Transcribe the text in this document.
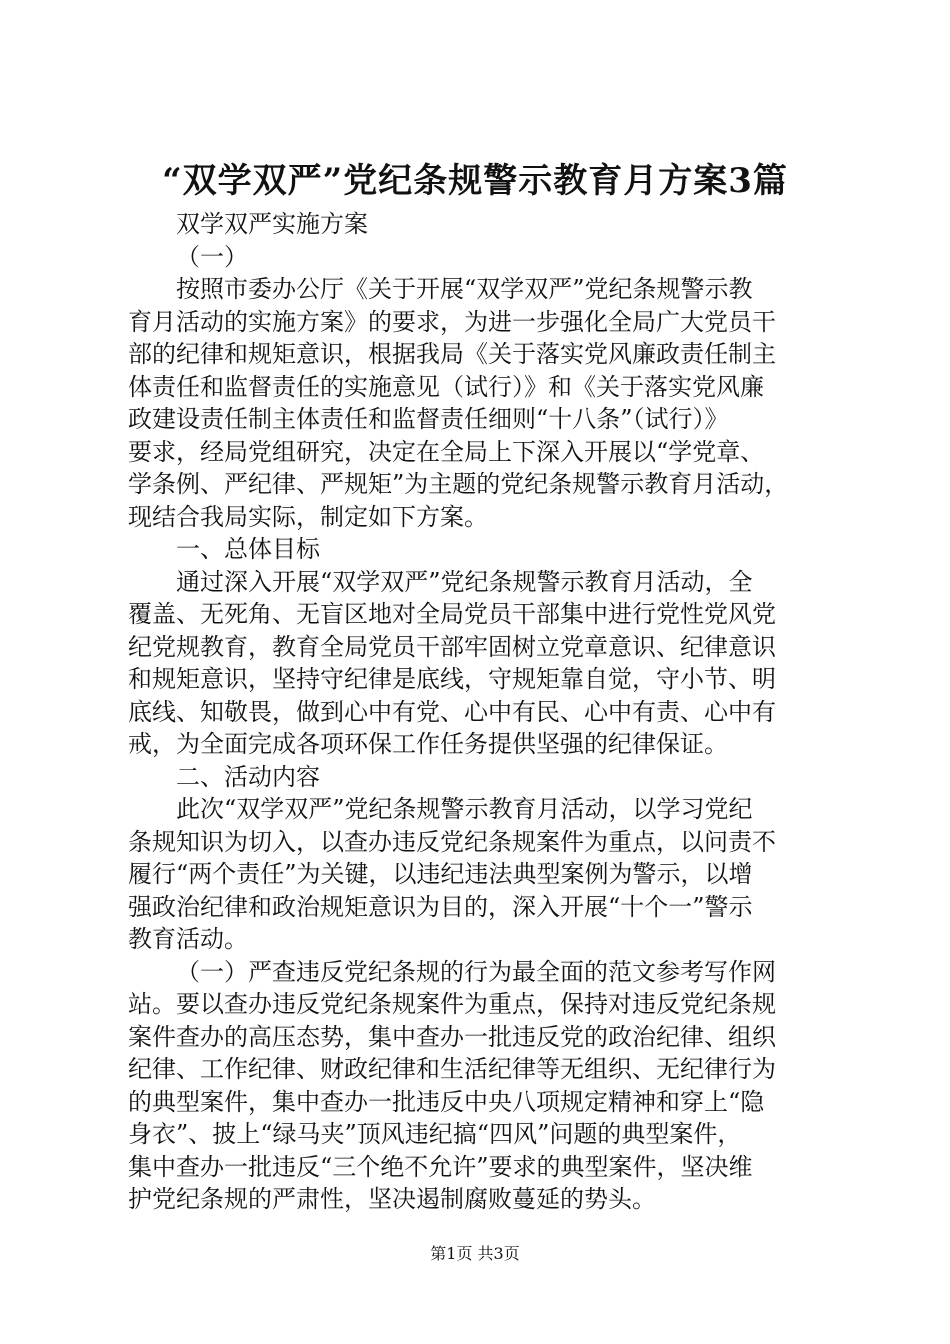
“双学双严”党纪条规警示教育月方案3篇
双学双严实施方案
（一）
按照市委办公厅《关于开展“双学双严”党纪条规警示教
育月活动的实施方案》的要求，为进一步强化全局广大党员干
部的纪律和规矩意识，根据我局《关于落实党风廉政责任制主
体责任和监督责任的实施意见（试行）》和《关于落实党风廉
政建设责任制主体责任和监督责任细则“十八条”（试行）》
要求，经局党组研究，决定在全局上下深入开展以“学党章、
学条例、严纪律、严规矩”为主题的党纪条规警示教育月活动，
现结合我局实际，制定如下方案。
一、总体目标
通过深入开展“双学双严”党纪条规警示教育月活动，全
覆盖、无死角、无盲区地对全局党员干部集中进行党性党风党
纪党规教育，教育全局党员干部牢固树立党章意识、纪律意识
和规矩意识，坚持守纪律是底线，守规矩靠自觉，守小节、明
底线、知敬畏，做到心中有党、心中有民、心中有责、心中有
戒，为全面完成各项环保工作任务提供坚强的纪律保证。
二、活动内容
此次“双学双严”党纪条规警示教育月活动，以学习党纪
条规知识为切入，以查办违反党纪条规案件为重点，以问责不
履行“两个责任”为关键，以违纪违法典型案例为警示，以增
强政治纪律和政治规矩意识为目的，深入开展“十个一”警示
教育活动。
（一）严查违反党纪条规的行为最全面的范文参考写作网
站。要以查办违反党纪条规案件为重点，保持对违反党纪条规
案件查办的高压态势，集中查办一批违反党的政治纪律、组织
纪律、工作纪律、财政纪律和生活纪律等无组织、无纪律行为
的典型案件，集中查办一批违反中央八项规定精神和穿上“隐
身衣”、披上“绿马夹”顶风违纪搞“四风”问题的典型案件，
集中查办一批违反“三个绝不允许”要求的典型案件，坚决维
护党纪条规的严肃性，坚决遏制腐败蔓延的势头。
第1页 共3页
